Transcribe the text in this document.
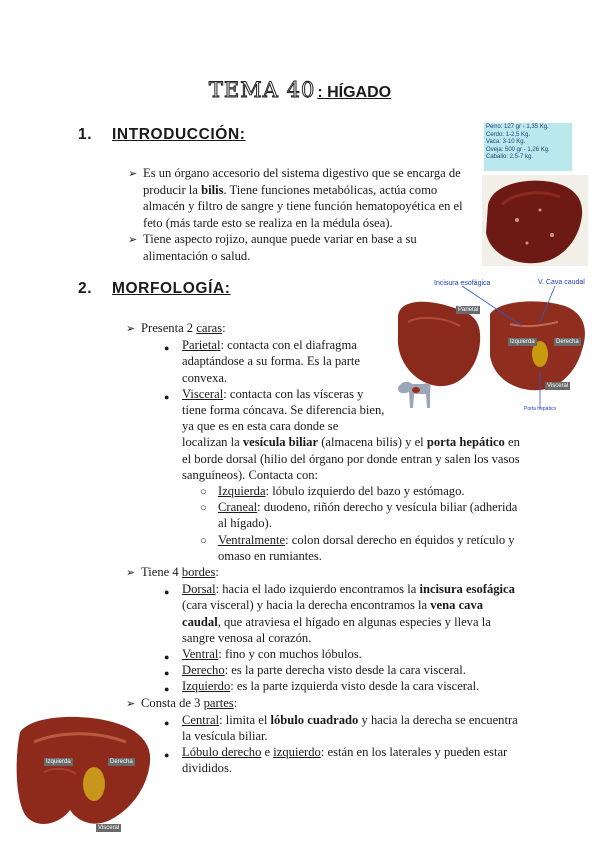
TEMA 40 : HÍGADO
1. INTRODUCCIÓN:
➢ Es un órgano accesorio del sistema digestivo que se encarga de
producir la bilis. Tiene funciones metabólicas, actúa como
almacén y filtro de sangre y tiene función hematopoyética en el
feto (más tarde esto se realiza en la médula ósea).
➢ Tiene aspecto rojizo, aunque puede variar en base a su
alimentación o salud.
Perro: 127 gr - 1,35 Kg.
Cerdo: 1-2,5 Kg.
Vaca: 3-10 Kg.
Oveja: 500 gr - 1,26 Kg.
Caballo: 2,5-7 kg.
2. MORFOLOGÍA:	Incisura esofágica	V. Cava caudal
Parietal
Izquierda	Derecha
Visceral
Porta hepático
➢ Presenta 2 caras:
● Parietal: contacta con el diafragma
adaptándose a su forma. Es la parte
convexa.
● Visceral: contacta con las vísceras y
tiene forma cóncava. Se diferencia bien,
ya que es en esta cara donde se
localizan la vesícula biliar (almacena bilis) y el porta hepático en
el borde dorsal (hilio del órgano por donde entran y salen los vasos
sanguíneos). Contacta con:
○ Izquierda: lóbulo izquierdo del bazo y estómago.
○ Craneal: duodeno, riñón derecho y vesícula biliar (adherida
al hígado).
○ Ventralmente: colon dorsal derecho en équidos y retículo y
omaso en rumiantes.
➢ Tiene 4 bordes:
● Dorsal: hacia el lado izquierdo encontramos la incisura esofágica
(cara visceral) y hacia la derecha encontramos la vena cava
caudal, que atraviesa el hígado en algunas especies y lleva la
sangre venosa al corazón.
● Ventral: fino y con muchos lóbulos.
● Derecho: es la parte derecha visto desde la cara visceral.
● Izquierdo: es la parte izquierda visto desde la cara visceral.
➢ Consta de 3 partes:
● Central: limita el lóbulo cuadrado y hacia la derecha se encuentra
la vesícula biliar.
● Lóbulo derecho e izquierdo: están en los laterales y pueden estar
divididos.
Izquierda	Derecha
Visceral
